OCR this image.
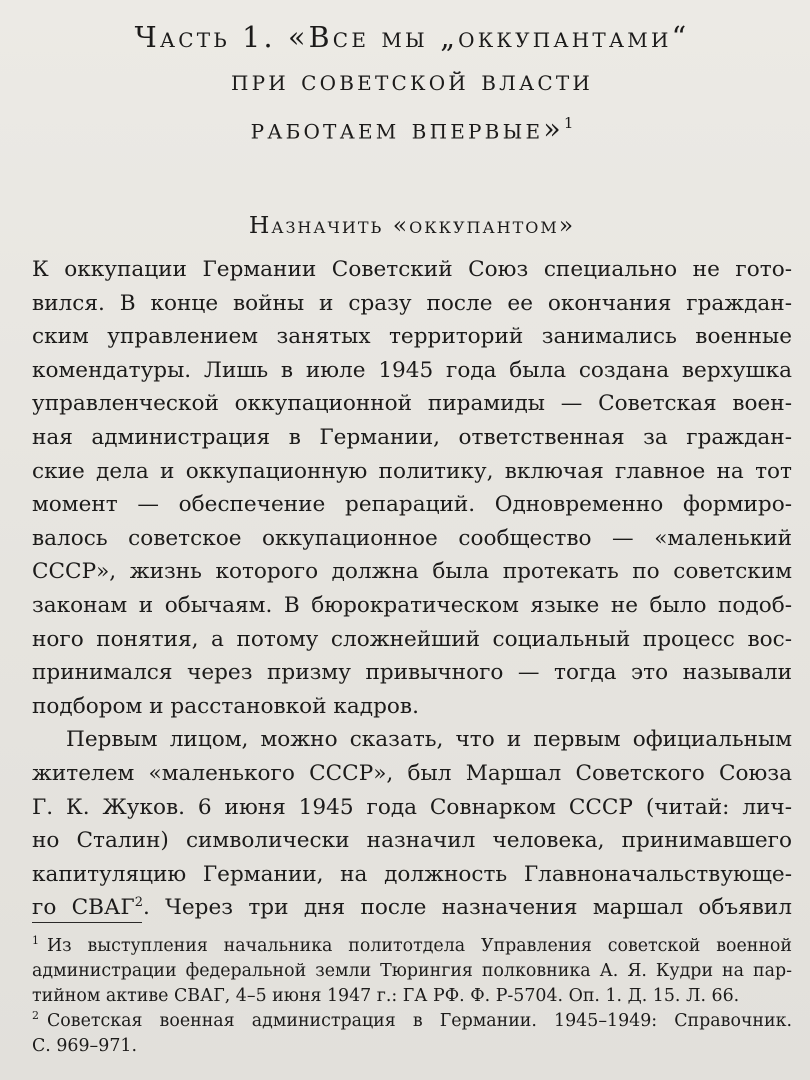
Часть 1. «Все мы „оккупантами“
при советской власти
работаем впервые»$^1$
Назначить «оккупантом»

К оккупации Германии Советский Союз специально не гото-
вился. В конце войны и сразу после ее окончания граждан-
ским управлением занятых территорий занимались военные
комендатуры. Лишь в июле 1945 года была создана верхушка
управленческой оккупационной пирамиды — Советская воен-
ная администрация в Германии, ответственная за граждан-
ские дела и оккупационную политику, включая главное на тот
момент — обеспечение репараций. Одновременно формиро-
валось советское оккупационное сообщество — «маленький
СССР», жизнь которого должна была протекать по советским
законам и обычаям. В бюрократическом языке не было подоб-
ного понятия, а потому сложнейший социальный процесс вос-
принимался через призму привычного — тогда это называли
подбором и расстановкой кадров.

Первым лицом, можно сказать, что и первым официальным
жителем «маленького СССР», был Маршал Советского Союза
Г. К. Жуков. 6 июня 1945 года Совнарком СССР (читай: лич-
но Сталин) символически назначил человека, принимавшего
капитуляцию Германии, на должность Главноначальствующе-
го СВАГ$^2$. Через три дня после назначения маршал объявил

$^1$ Из выступления начальника политотдела Управления советской военной
администрации федеральной земли Тюрингия полковника А. Я. Кудри на пар-
тийном активе СВАГ, 4–5 июня 1947 г.: ГА РФ. Ф. Р-5704. Оп. 1. Д. 15. Л. 66.
$^2$ Советская военная администрация в Германии. 1945–1949: Справочник.
С. 969–971.
